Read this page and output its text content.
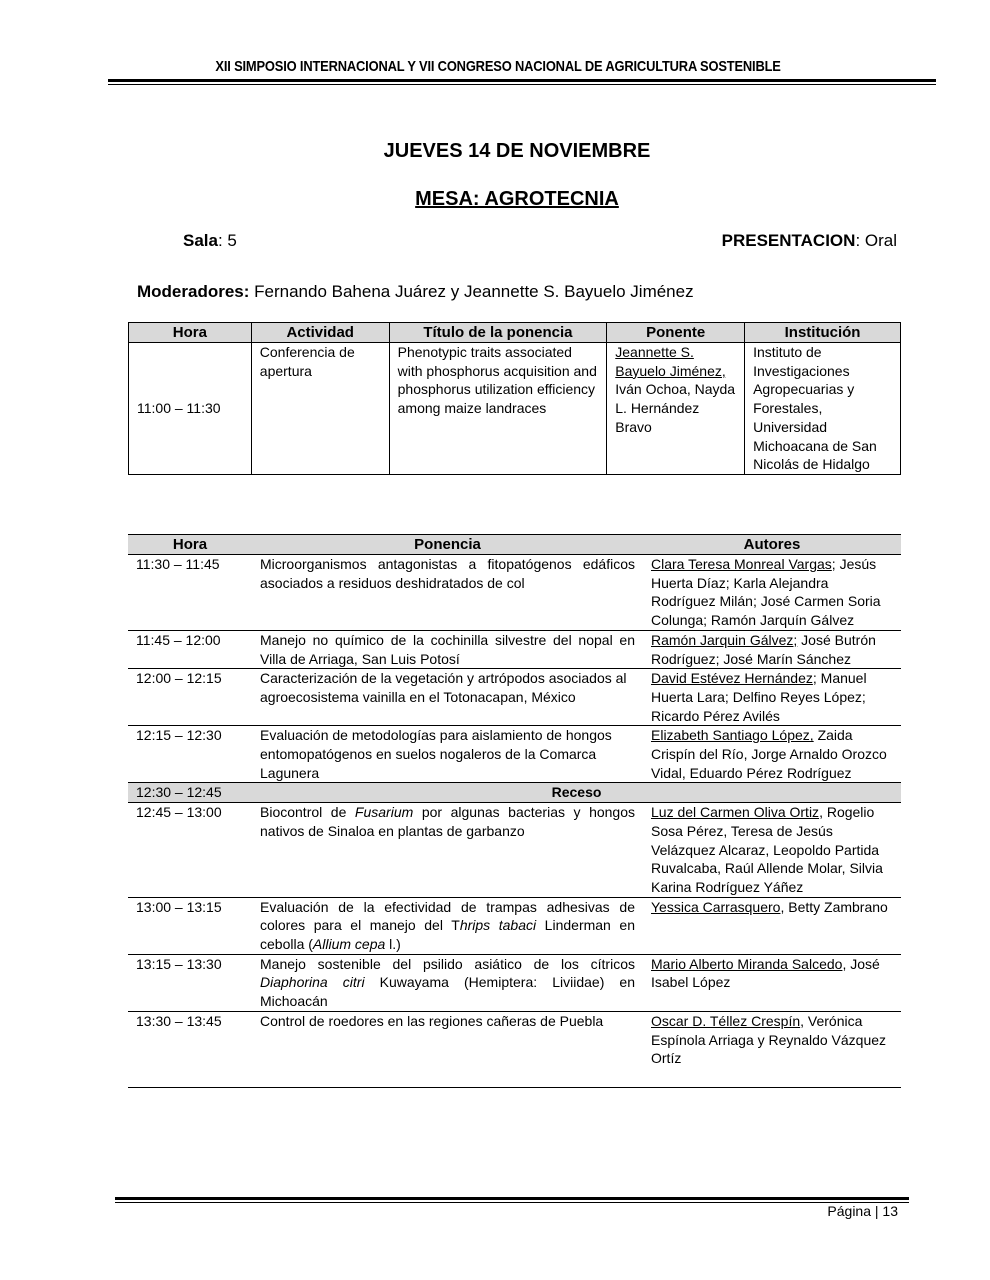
XII SIMPOSIO INTERNACIONAL Y VII CONGRESO NACIONAL DE AGRICULTURA SOSTENIBLE
JUEVES 14 DE NOVIEMBRE
MESA: AGROTECNIA
Sala: 5	PRESENTACION: Oral
Moderadores: Fernando Bahena Juárez y Jeannette S. Bayuelo Jiménez
Hora	Actividad	Título de la ponencia	Ponente	Institución
11:00 – 11:30	Conferencia de apertura	Phenotypic traits associated with phosphorus acquisition and phosphorus utilization efficiency among maize landraces	Jeannette S. Bayuelo Jiménez, Iván Ochoa, Nayda L. Hernández Bravo	Instituto de Investigaciones Agropecuarias y Forestales, Universidad Michoacana de San Nicolás de Hidalgo
Hora	Ponencia	Autores
11:30 – 11:45	Microorganismos antagonistas a fitopatógenos edáficos asociados a residuos deshidratados de col	Clara Teresa Monreal Vargas; Jesús Huerta Díaz; Karla Alejandra Rodríguez Milán; José Carmen Soria Colunga; Ramón Jarquín Gálvez
11:45 – 12:00	Manejo no químico de la cochinilla silvestre del nopal en Villa de Arriaga, San Luis Potosí	Ramón Jarquin Gálvez; José Butrón Rodríguez; José Marín Sánchez
12:00 – 12:15	Caracterización de la vegetación y artrópodos asociados al agroecosistema vainilla en el Totonacapan, México	David Estévez Hernández; Manuel Huerta Lara; Delfino Reyes López; Ricardo Pérez Avilés
12:15 – 12:30	Evaluación de metodologías para aislamiento de hongos entomopatógenos en suelos nogaleros de la Comarca Lagunera	Elizabeth Santiago López, Zaida Crispín del Río, Jorge Arnaldo Orozco Vidal, Eduardo Pérez Rodríguez
12:30 – 12:45	Receso	
12:45 – 13:00	Biocontrol de Fusarium por algunas bacterias y hongos nativos de Sinaloa en plantas de garbanzo	Luz del Carmen Oliva Ortiz, Rogelio Sosa Pérez, Teresa de Jesús Velázquez Alcaraz, Leopoldo Partida Ruvalcaba, Raúl Allende Molar, Silvia Karina Rodríguez Yáñez
13:00 – 13:15	Evaluación de la efectividad de trampas adhesivas de colores para el manejo del Thrips tabaci Linderman en cebolla (Allium cepa l.)	Yessica Carrasquero, Betty Zambrano
13:15 – 13:30	Manejo sostenible del psilido asiático de los cítricos Diaphorina citri Kuwayama (Hemiptera: Liviidae) en Michoacán	Mario Alberto Miranda Salcedo, José Isabel López
13:30 – 13:45	Control de roedores en las regiones cañeras de Puebla	Oscar D. Téllez Crespín, Verónica Espínola Arriaga y Reynaldo Vázquez Ortíz
Página | 13
